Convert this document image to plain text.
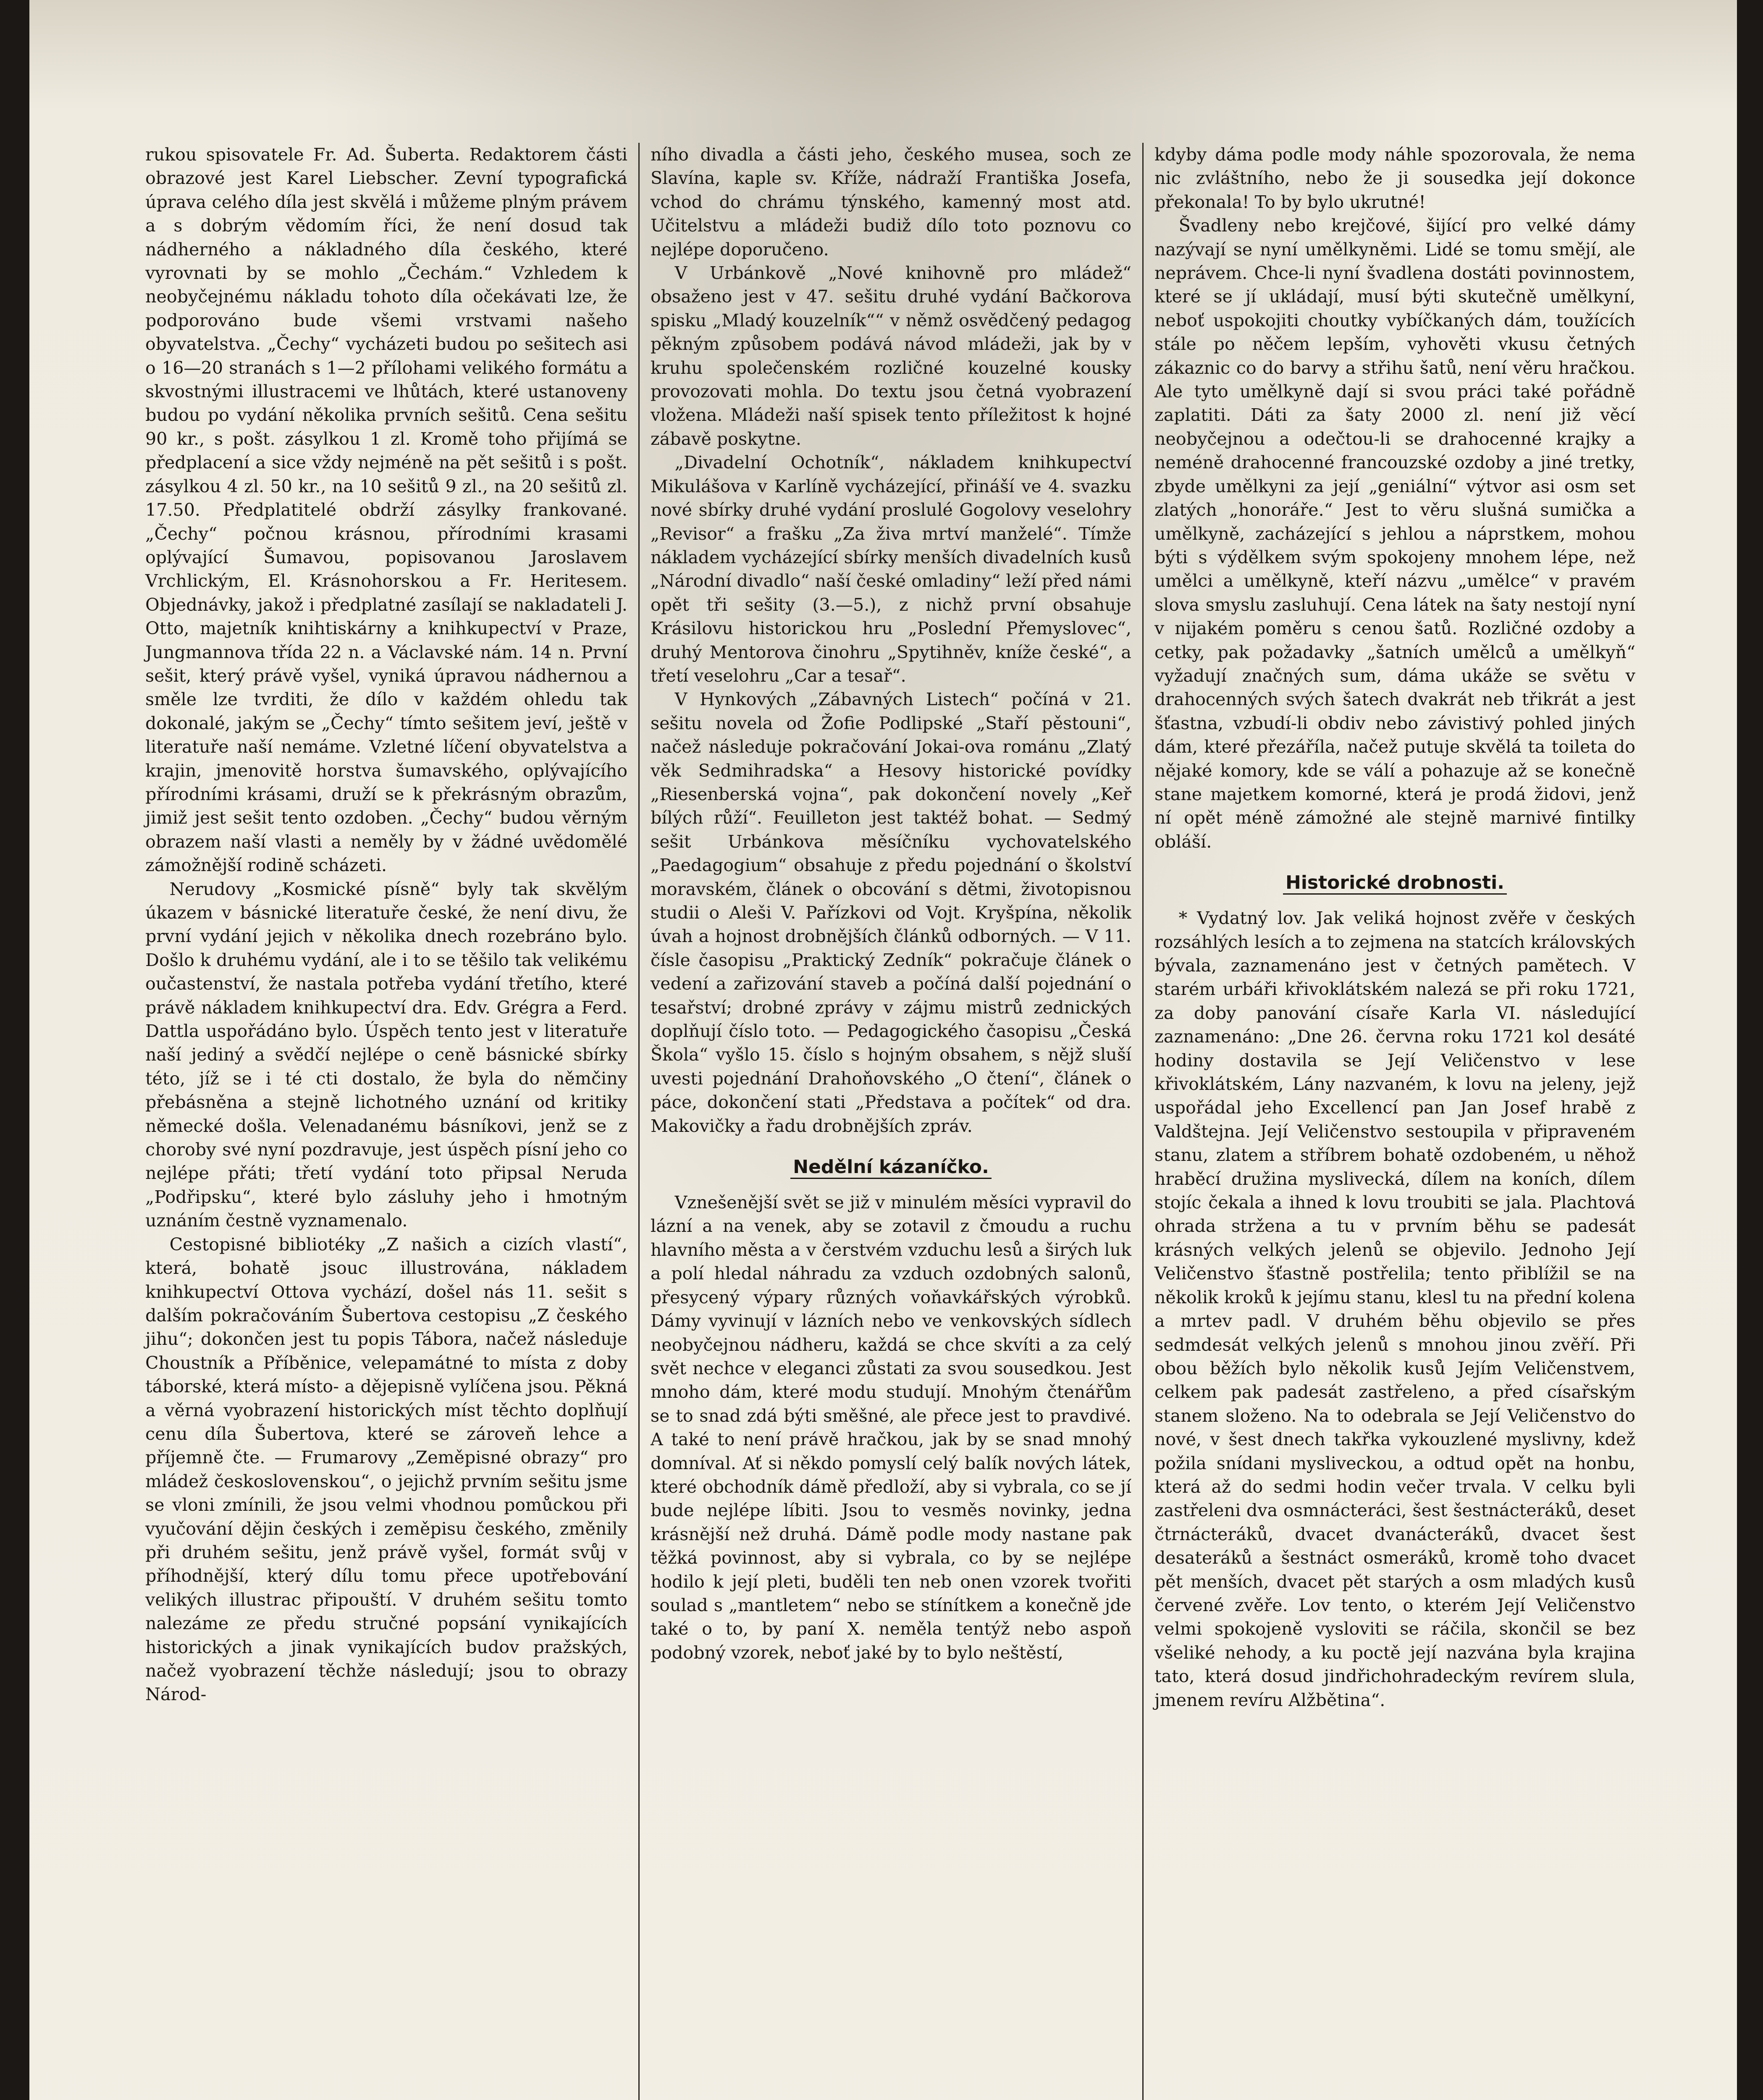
rukou spisovatele Fr. Ad. Šuberta. Redaktorem části obrazové jest Karel Liebscher. Zevní typografická úprava celého díla jest skvělá i můžeme plným právem a s dobrým vědomím říci, že není dosud tak nádherného a nákladného díla českého, které vyrovnati by se mohlo „Čechám.“ Vzhledem k neobyčejnému nákladu tohoto díla očekávati lze, že podporováno bude všemi vrstvami našeho obyvatelstva. „Čechy“ vycházeti budou po sešitech asi o 16—20 stranách s 1—2 přílohami velikého formátu a skvostnými illustracemi ve lhůtách, které ustanoveny budou po vydání několika prvních sešitů. Cena sešitu 90 kr., s pošt. zásylkou 1 zl. Kromě toho přijímá se předplacení a sice vždy nejméně na pět sešitů i s pošt. zásylkou 4 zl. 50 kr., na 10 sešitů 9 zl., na 20 sešitů zl. 17.50. Předplatitelé obdrží zásylky frankované. „Čechy“ počnou krásnou, přírodními krasami oplývající Šumavou, popisovanou Jaroslavem Vrchlickým, El. Krásnohorskou a Fr. Heritesem. Objednávky, jakož i předplatné zasílají se nakladateli J. Otto, majetník knihtiskárny a knihkupectví v Praze, Jungmannova třída 22 n. a Václavské nám. 14 n. První sešit, který právě vyšel, vyniká úpravou nádhernou a směle lze tvrditi, že dílo v každém ohledu tak dokonalé, jakým se „Čechy“ tímto sešitem jeví, ještě v literatuře naší nemáme. Vzletné líčení obyvatelstva a krajin, jmenovitě horstva šumavského, oplývajícího přírodními krásami, druží se k překrásným obrazům, jimiž jest sešit tento ozdoben. „Čechy“ budou věrným obrazem naší vlasti a neměly by v žádné uvědomělé zámožnější rodině scházeti.

Nerudovy „Kosmické písně“ byly tak skvělým úkazem v básnické literatuře české, že není divu, že první vydání jejich v několika dnech rozebráno bylo. Došlo k druhému vydání, ale i to se těšilo tak velikému oučastenství, že nastala potřeba vydání třetího, které právě nákladem knihkupectví dra. Edv. Grégra a Ferd. Dattla uspořádáno bylo. Úspěch tento jest v literatuře naší jediný a svědčí nejlépe o ceně básnické sbírky této, jíž se i té cti dostalo, že byla do němčiny přebásněna a stejně lichotného uznání od kritiky německé došla. Velenadanému básníkovi, jenž se z choroby své nyní pozdravuje, jest úspěch písní jeho co nejlépe přáti; třetí vydání toto připsal Neruda „Podřipsku“, které bylo zásluhy jeho i hmotným uznáním čestně vyznamenalo.

Cestopisné bibliotéky „Z našich a cizích vlastí“, která, bohatě jsouc illustrována, nákladem knihkupectví Ottova vychází, došel nás 11. sešit s dalším pokračováním Šubertova cestopisu „Z českého jihu“; dokončen jest tu popis Tábora, načež následuje Choustník a Příběnice, velepamátné to místa z doby táborské, která místo- a dějepisně vylíčena jsou. Pěkná a věrná vyobrazení historických míst těchto doplňují cenu díla Šubertova, které se zároveň lehce a příjemně čte. — Frumarovy „Zeměpisné obrazy“ pro mládež československou“, o jejichž prvním sešitu jsme se vloni zmínili, že jsou velmi vhodnou pomůckou při vyučování dějin českých i zeměpisu českého, změnily při druhém sešitu, jenž právě vyšel, formát svůj v příhodnější, který dílu tomu přece upotřebování velikých illustrac připouští. V druhém sešitu tomto nalezáme ze předu stručné popsání vynikajících historických a jinak vynikajících budov pražských, načež vyobrazení těchže následují; jsou to obrazy Národ-

ního divadla a části jeho, českého musea, soch ze Slavína, kaple sv. Kříže, nádraží Františka Josefa, vchod do chrámu týnského, kamenný most atd. Učitelstvu a mládeži budiž dílo toto poznovu co nejlépe doporučeno.

V Urbánkově „Nové knihovně pro mládež“ obsaženo jest v 47. sešitu druhé vydání Bačkorova spisku „Mladý kouzelník““ v němž osvědčený pedagog pěkným způsobem podává návod mládeži, jak by v kruhu společenském rozličné kouzelné kousky provozovati mohla. Do textu jsou četná vyobrazení vložena. Mládeži naší spisek tento příležitost k hojné zábavě poskytne.

„Divadelní Ochotník“, nákladem knihkupectví Mikulášova v Karlíně vycházející, přináší ve 4. svazku nové sbírky druhé vydání proslulé Gogolovy veselohry „Revisor“ a frašku „Za živa mrtví manželé“. Tímže nákladem vycházející sbírky menších divadelních kusů „Národní divadlo“ naší české omladiny“ leží před námi opět tři sešity (3.—5.), z nichž první obsahuje Krásilovu historickou hru „Poslední Přemyslovec“, druhý Mentorova činohru „Spytihněv, kníže české“, a třetí veselohru „Car a tesař“.

V Hynkových „Zábavných Listech“ počíná v 21. sešitu novela od Žofie Podlipské „Staří pěstouni“, načež následuje pokračování Jokai-ova románu „Zlatý věk Sedmihradska“ a Hesovy historické povídky „Riesenberská vojna“, pak dokončení novely „Keř bílých růží“. Feuilleton jest taktéž bohat. — Sedmý sešit Urbánkova měsíčníku vychovatelského „Paedagogium“ obsahuje z předu pojednání o školství moravském, článek o obcování s dětmi, životopisnou studii o Aleši V. Pařízkovi od Vojt. Kryšpína, několik úvah a hojnost drobnějších článků odborných. — V 11. čísle časopisu „Praktický Zedník“ pokračuje článek o vedení a zařizování staveb a počíná další pojednání o tesařství; drobné zprávy v zájmu mistrů zednických doplňují číslo toto. — Pedagogického časopisu „Česká Škola“ vyšlo 15. číslo s hojným obsahem, s nějž sluší uvesti pojednání Drahoňovského „O čtení“, článek o páce, dokončení stati „Představa a počítek“ od dra. Makovičky a řadu drobnějších zpráv.

Nedělní kázaníčko.

Vznešenější svět se již v minulém měsíci vypravil do lázní a na venek, aby se zotavil z čmoudu a ruchu hlavního města a v čerstvém vzduchu lesů a širých luk a polí hledal náhradu za vzduch ozdobných salonů, přesycený výpary různých voňavkářských výrobků. Dámy vyvinují v lázních nebo ve venkovských sídlech neobyčejnou nádheru, každá se chce skvíti a za celý svět nechce v eleganci zůstati za svou sousedkou. Jest mnoho dám, které modu studují. Mnohým čtenářům se to snad zdá býti směšné, ale přece jest to pravdivé. A také to není právě hračkou, jak by se snad mnohý domníval. Ať si někdo pomyslí celý balík nových látek, které obchodník dámě předloží, aby si vybrala, co se jí bude nejlépe líbiti. Jsou to vesměs novinky, jedna krásnější než druhá. Dámě podle mody nastane pak těžká povinnost, aby si vybrala, co by se nejlépe hodilo k její pleti, buděli ten neb onen vzorek tvořiti soulad s „mantletem“ nebo se stínítkem a konečně jde také o to, by paní X. neměla tentýž nebo aspoň podobný vzorek, neboť jaké by to bylo neštěstí,

kdyby dáma podle mody náhle spozorovala, že nema nic zvláštního, nebo že ji sousedka její dokonce překonala! To by bylo ukrutné!

Švadleny nebo krejčové, šijící pro velké dámy nazývají se nyní umělkyněmi. Lidé se tomu smějí, ale neprávem. Chce-li nyní švadlena dostáti povinnostem, které se jí ukládají, musí býti skutečně umělkyní, neboť uspokojiti choutky vybíčkaných dám, toužících stále po něčem lepším, vyhověti vkusu četných zákaznic co do barvy a střihu šatů, není věru hračkou. Ale tyto umělkyně dají si svou práci také pořádně zaplatiti. Dáti za šaty 2000 zl. není již věcí neobyčejnou a odečtou-li se drahocenné krajky a neméně drahocenné francouzské ozdoby a jiné tretky, zbyde umělkyni za její „geniální“ výtvor asi osm set zlatých „honoráře.“ Jest to věru slušná sumička a umělkyně, zacházející s jehlou a náprstkem, mohou býti s výdělkem svým spokojeny mnohem lépe, než umělci a umělkyně, kteří názvu „umělce“ v pravém slova smyslu zasluhují. Cena látek na šaty nestojí nyní v nijakém poměru s cenou šatů. Rozličné ozdoby a cetky, pak požadavky „šatních umělců a umělkyň“ vyžadují značných sum, dáma ukáže se světu v drahocenných svých šatech dvakrát neb třikrát a jest šťastna, vzbudí-li obdiv nebo závistivý pohled jiných dám, které přezáříla, načež putuje skvělá ta toileta do nějaké komory, kde se válí a pohazuje až se konečně stane majetkem komorné, která je prodá židovi, jenž ní opět méně zámožné ale stejně marnivé fintilky obláší.

Historické drobnosti.

* Vydatný lov. Jak veliká hojnost zvěře v českých rozsáhlých lesích a to zejmena na statcích královských bývala, zaznamenáno jest v četných pamětech. V starém urbáři křivoklátském nalezá se při roku 1721, za doby panování císaře Karla VI. následující zaznamenáno: „Dne 26. června roku 1721 kol desáté hodiny dostavila se Její Veličenstvo v lese křivoklátském, Lány nazvaném, k lovu na jeleny, jejž uspořádal jeho Excellencí pan Jan Josef hrabě z Valdštejna. Její Veličenstvo sestoupila v připraveném stanu, zlatem a stříbrem bohatě ozdobeném, u něhož hraběcí družina myslivecká, dílem na koních, dílem stojíc čekala a ihned k lovu troubiti se jala. Plachtová ohrada stržena a tu v prvním běhu se padesát krásných velkých jelenů se objevilo. Jednoho Její Veličenstvo šťastně postřelila; tento přiblížil se na několik kroků k jejímu stanu, klesl tu na přední kolena a mrtev padl. V druhém běhu objevilo se přes sedmdesát velkých jelenů s mnohou jinou zvěří. Při obou běžích bylo několik kusů Jejím Veličenstvem, celkem pak padesát zastřeleno, a před císařským stanem složeno. Na to odebrala se Její Veličenstvo do nové, v šest dnech takřka vykouzlené myslivny, kdež požila snídani mysliveckou, a odtud opět na honbu, která až do sedmi hodin večer trvala. V celku byli zastřeleni dva osmnácteráci, šest šestnácteráků, deset čtrnácteráků, dvacet dvanácteráků, dvacet šest desateráků a šestnáct osmeráků, kromě toho dvacet pět menších, dvacet pět starých a osm mladých kusů červené zvěře. Lov tento, o kterém Její Veličenstvo velmi spokojeně vysloviti se ráčila, skončil se bez všeliké nehody, a ku poctě její nazvána byla krajina tato, která dosud jindřichohradeckým revírem slula, jmenem revíru Alžbětina“.
